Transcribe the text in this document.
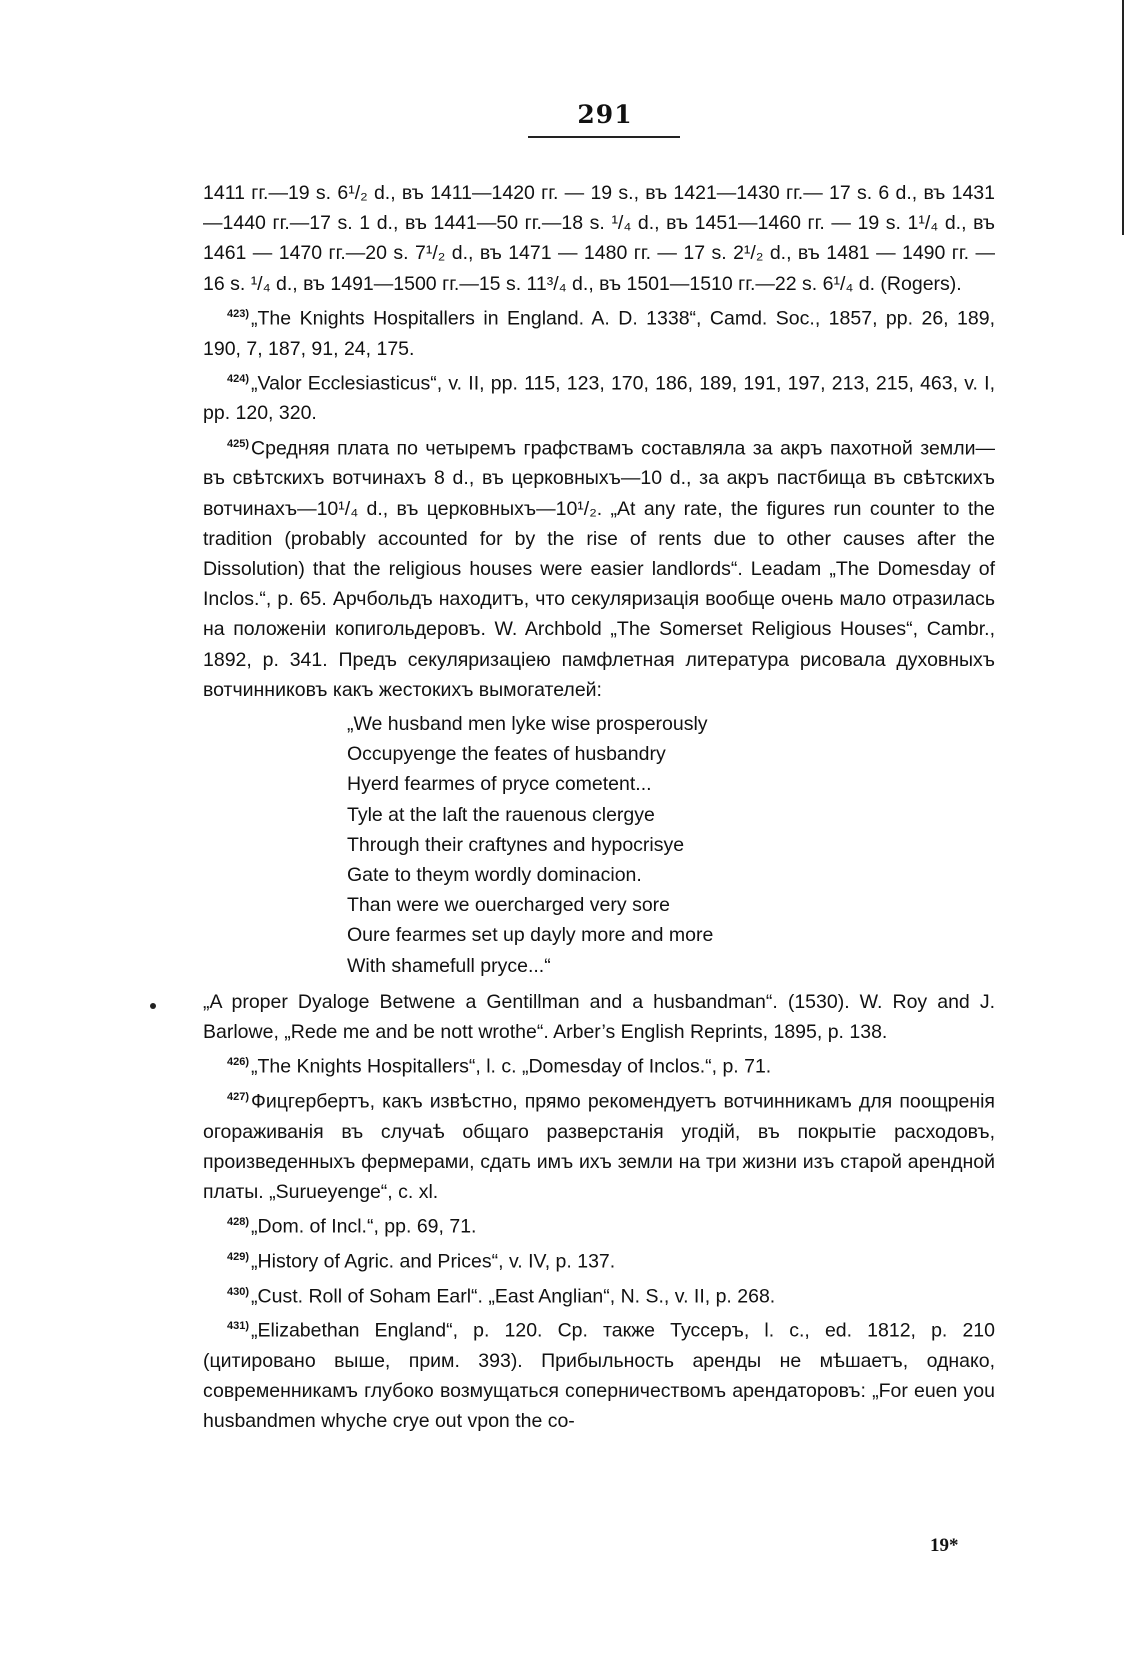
291

1411 гг.—19 s. 6¹/₂ d., въ 1411—1420 гг. — 19 s., въ 1421—1430 гг.— 17 s. 6 d., въ 1431—1440 гг.—17 s. 1 d., въ 1441—50 гг.—18 s. ¹/₄ d., въ 1451—1460 гг. — 19 s. 1¹/₄ d., въ 1461 — 1470 гг.—20 s. 7¹/₂ d., въ 1471 — 1480 гг. — 17 s. 2¹/₂ d., въ 1481 — 1490 гг. — 16 s. ¹/₄ d., въ 1491—1500 гг.—15 s. 11³/₄ d., въ 1501—1510 гг.—22 s. 6¹/₄ d. (Rogers).

$^{423)}$ „The Knights Hospitallers in England. A. D. 1338“, Camd. Soc., 1857, pp. 26, 189, 190, 7, 187, 91, 24, 175.

$^{424)}$ „Valor Ecclesiasticus“, v. II, pp. 115, 123, 170, 186, 189, 191, 197, 213, 215, 463, v. I, pp. 120, 320.

$^{425)}$ Средняя плата по четыремъ графствамъ составляла за акръ пахотной земли—въ свѣтскихъ вотчинахъ 8 d., въ церковныхъ—10 d., за акръ пастбища въ свѣтскихъ вотчинахъ—10¹/₄ d., въ церковныхъ—10¹/₂. „At any rate, the figures run counter to the tradition (probably accounted for by the rise of rents due to other causes after the Dissolution) that the religious houses were easier landlords“. Leadam „The Domesday of Inclos.“, p. 65. Арчбольдъ находитъ, что секуляризація вообще очень мало отразилась на положеніи копигольдеровъ. W. Archbold „The Somerset Religious Houses“, Cambr., 1892, p. 341. Предъ секуляризаціею памфлетная литература рисовала духовныхъ вотчинниковъ какъ жестокихъ вымогателей:

„We husband men lyke wise prosperously
Occupyenge the feates of husbandry
Hyerd fearmes of pryce cometent...
Tyle at the laſt the rauenous clergye
Through their craftynes and hypocrisye
Gate to theym wordly dominacion.
Than were we ouercharged very sore
Oure fearmes set up dayly more and more
With shamefull pryce...“

„A proper Dyaloge Betwene a Gentillman and a husbandman“. (1530). W. Roy and J. Barlowe, „Rede me and be nott wrothe“. Arber’s English Reprints, 1895, p. 138.

$^{426)}$ „The Knights Hospitallers“, l. c. „Domesday of Inclos.“, p. 71.

$^{427)}$ Фицгербертъ, какъ извѣстно, прямо рекомендуетъ вотчинникамъ для поощренія огораживанія въ случаѣ общаго разверстанія угодій, въ покрытіе расходовъ, произведенныхъ фермерами, сдать имъ ихъ земли на три жизни изъ старой арендной платы. „Surueyenge“, c. xl.

$^{428)}$ „Dom. of Incl.“, pp. 69, 71.

$^{429)}$ „History of Agric. and Prices“, v. IV, p. 137.

$^{430)}$ „Cust. Roll of Soham Earl“. „East Anglian“, N. S., v. II, p. 268.

$^{431)}$ „Elizabethan England“, p. 120. Ср. также Туссеръ, l. c., ed. 1812, p. 210 (цитировано выше, прим. 393). Прибыльность аренды не мѣшаетъ, однако, современникамъ глубоко возмущаться соперничествомъ арендаторовъ: „For euen you husbandmen whyche crye out vpon the co-

19*
